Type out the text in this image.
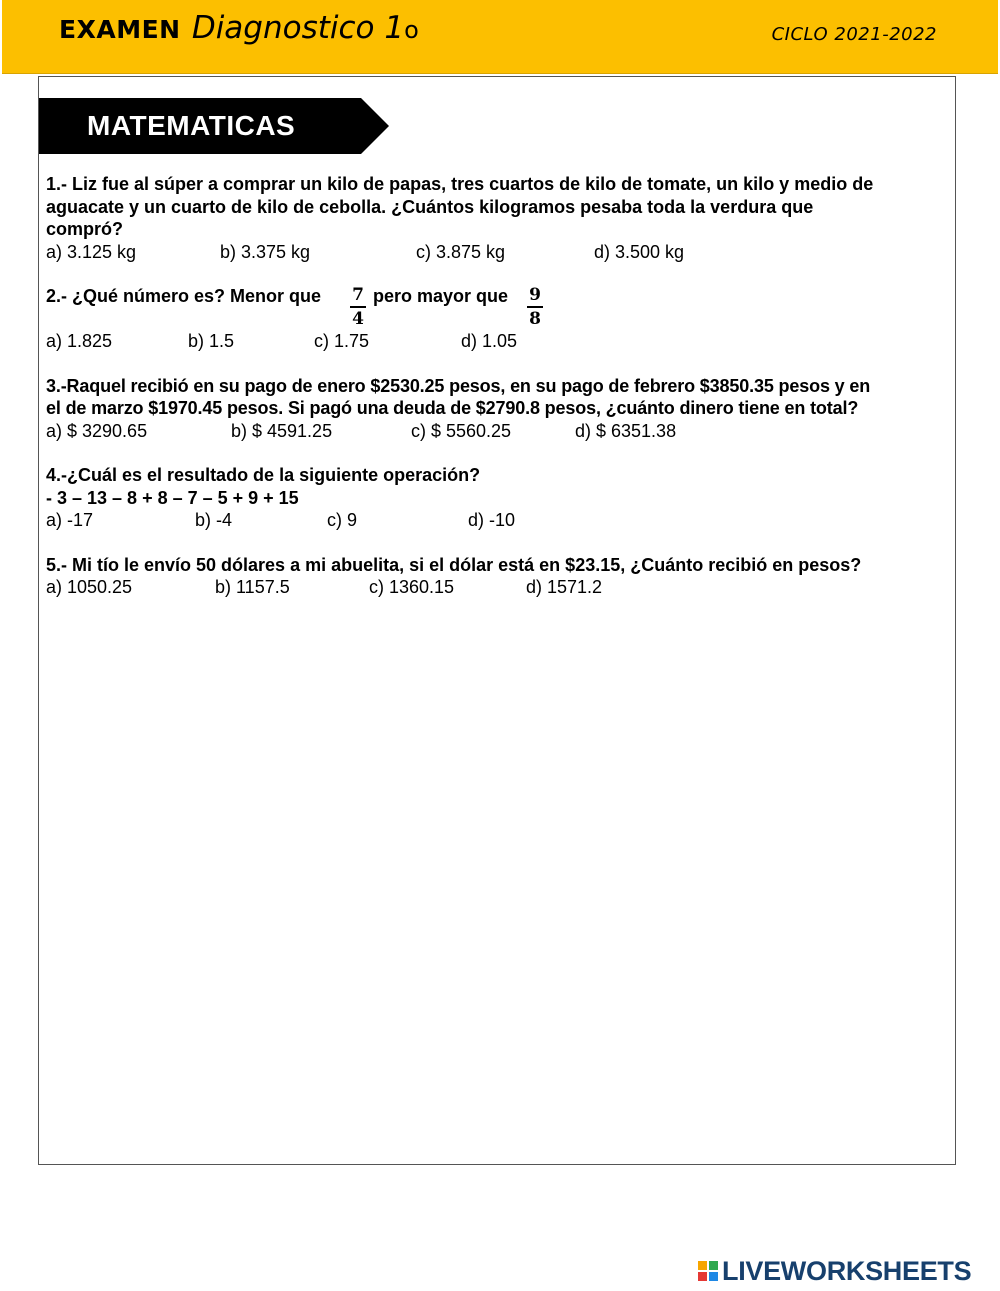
EXAMEN Diagnostico 1o	CICLO 2021-2022
MATEMATICAS

1.- Liz fue al súper a comprar un kilo de papas, tres cuartos de kilo de tomate, un kilo y medio de

aguacate y un cuarto de kilo de cebolla. ¿Cuántos kilogramos pesaba toda la verdura que

compró?

a) 3.125 kg	b) 3.375 kg	c) 3.875 kg	d) 3.500 kg
2.- ¿Qué número es? Menor que $\frac{7}{4}$ pero mayor que $\frac{9}{8}$
a) 1.825	b) 1.5	c) 1.75	d) 1.05

3.-Raquel recibió en su pago de enero $2530.25 pesos, en su pago de febrero $3850.35 pesos y en

el de marzo $1970.45 pesos. Si pagó una deuda de $2790.8 pesos, ¿cuánto dinero tiene en total?

a) $ 3290.65	b) $ 4591.25	c) $ 5560.25	d) $ 6351.38

4.-¿Cuál es el resultado de la siguiente operación?

- 3 – 13 – 8 + 8 – 7 – 5 + 9 + 15

a) -17	b) -4	c) 9	d) -10

5.- Mi tío le envío 50 dólares a mi abuelita, si el dólar está en $23.15, ¿Cuánto recibió en pesos?

a) 1050.25	b) 1157.5	c) 1360.15	d) 1571.2
LIVEWORKSHEETS
